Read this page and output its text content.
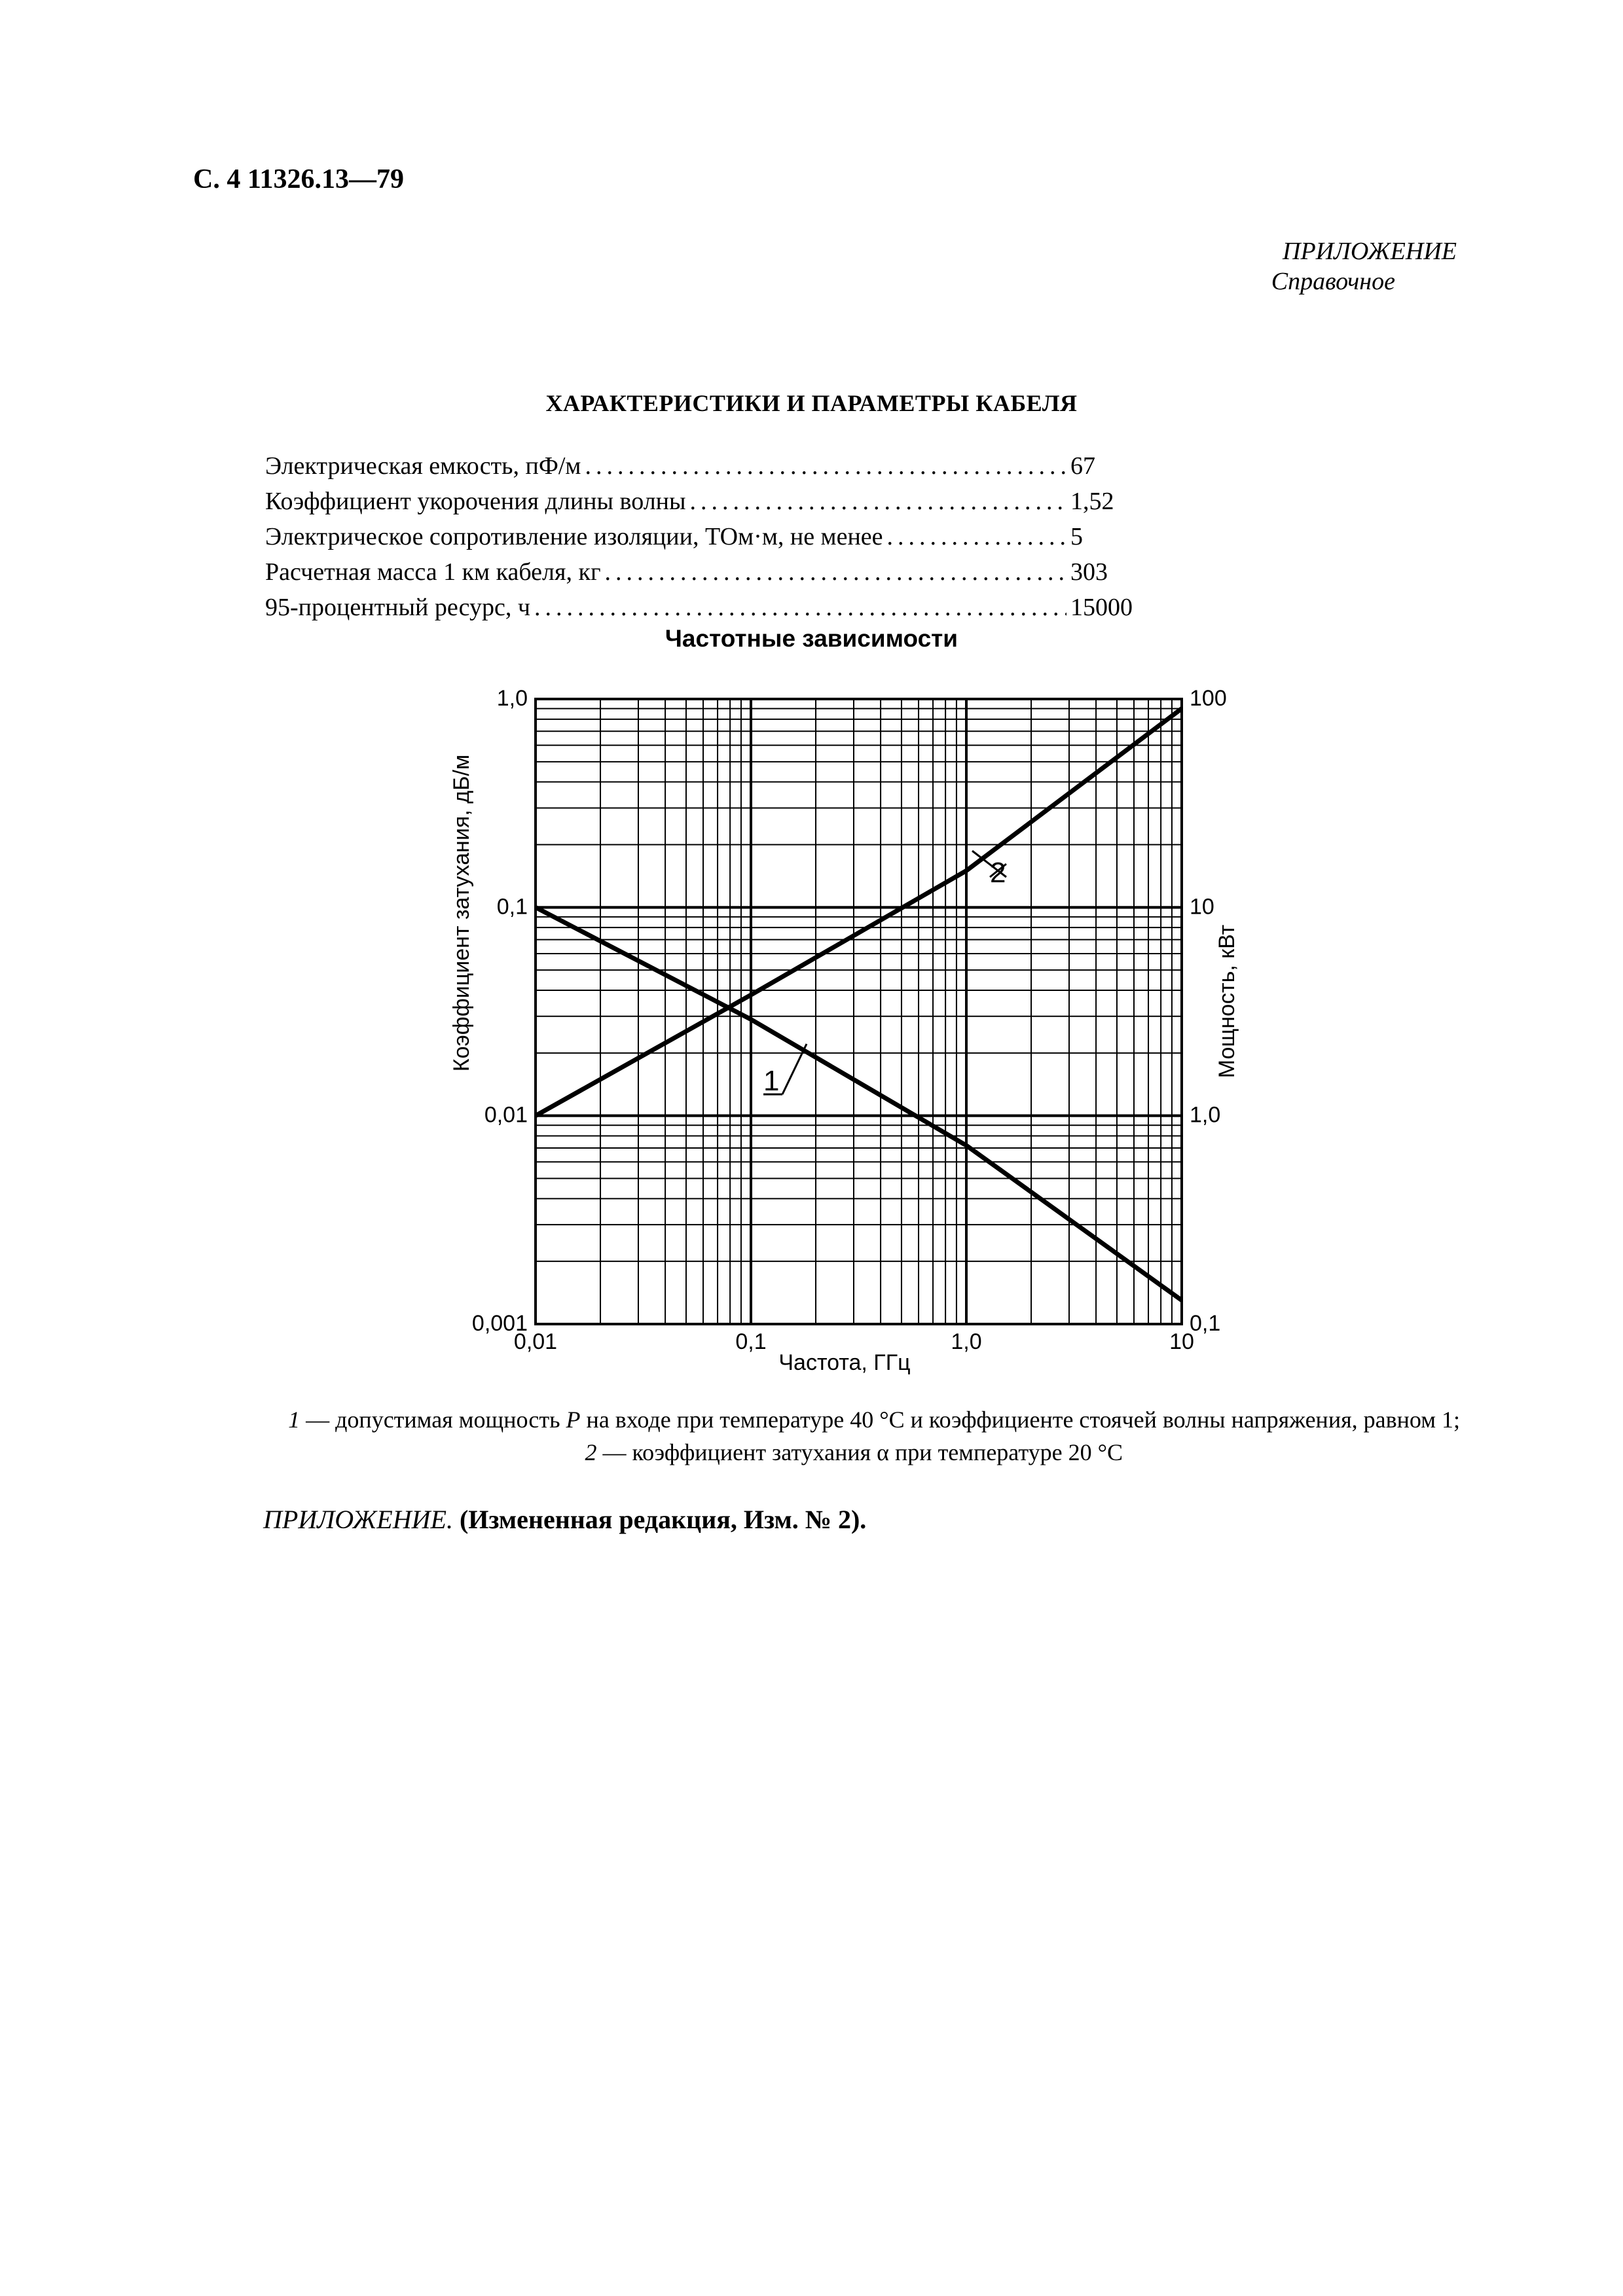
С. 4 11326.13—79
ПРИЛОЖЕНИЕ
Справочное
ХАРАКТЕРИСТИКИ И ПАРАМЕТРЫ КАБЕЛЯ
Электрическая емкость, пФ/м .....	67
Коэффициент укорочения длины волны .....	1,52
Электрическое сопротивление изоляции, ТОм·м, не менее .....	5
Расчетная масса 1 км кабеля, кг .....	303
95-процентный ресурс, ч .....	15000
Частотные зависимости
0,01	0,1	1,0	10
0,001
0,01
0,1
1,0
0,1
1,0
10
100
Частота, ГГц
Коэффициент затухания, дБ/м	Мощность, кВт
2
1
1 — допустимая мощность P на входе при температуре 40 °С и коэффициенте стоячей волны напряжения, равном 1;
2 — коэффициент затухания α при температуре 20 °С
ПРИЛОЖЕНИЕ. (Измененная редакция, Изм. № 2).
